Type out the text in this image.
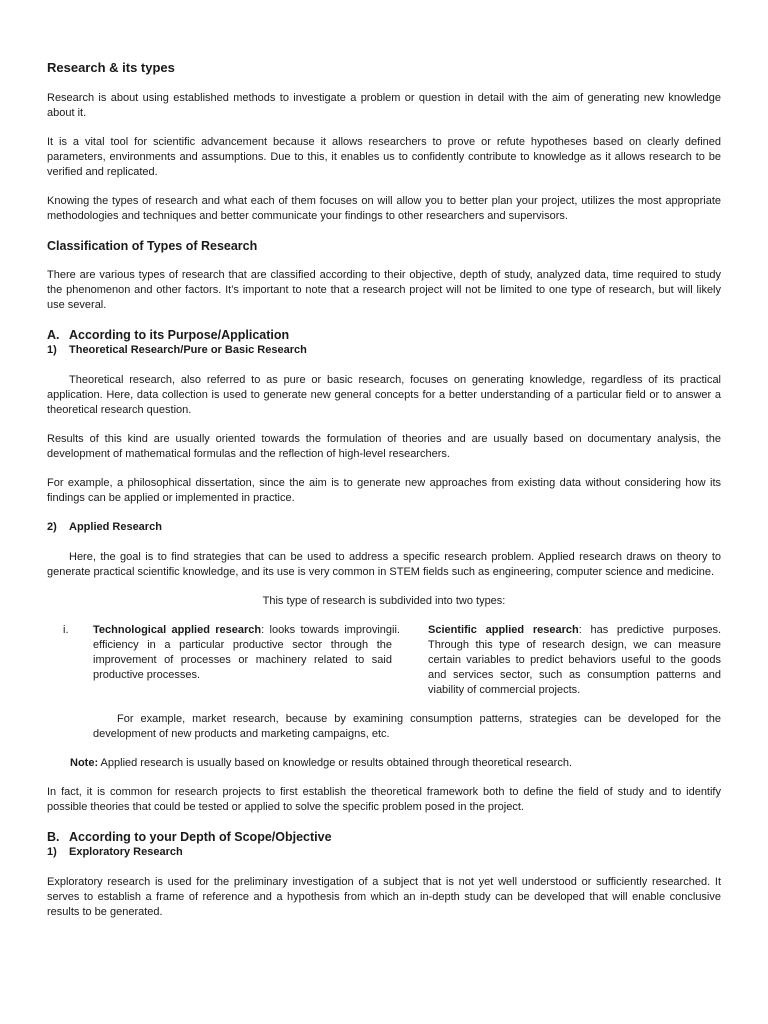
Research & its types

Research is about using established methods to investigate a problem or question in detail with the aim of generating new knowledge about it.

It is a vital tool for scientific advancement because it allows researchers to prove or refute hypotheses based on clearly defined parameters, environments and assumptions. Due to this, it enables us to confidently contribute to knowledge as it allows research to be verified and replicated.

Knowing the types of research and what each of them focuses on will allow you to better plan your project, utilizes the most appropriate methodologies and techniques and better communicate your findings to other researchers and supervisors.

Classification of Types of Research

There are various types of research that are classified according to their objective, depth of study, analyzed data, time required to study the phenomenon and other factors. It’s important to note that a research project will not be limited to one type of research, but will likely use several.

A. According to its Purpose/Application
1)	Theoretical Research/Pure or Basic Research

Theoretical research, also referred to as pure or basic research, focuses on generating knowledge, regardless of its practical application. Here, data collection is used to generate new general concepts for a better understanding of a particular field or to answer a theoretical research question.

Results of this kind are usually oriented towards the formulation of theories and are usually based on documentary analysis, the development of mathematical formulas and the reflection of high-level researchers.

For example, a philosophical dissertation, since the aim is to generate new approaches from existing data without considering how its findings can be applied or implemented in practice.

2)	Applied Research

Here, the goal is to find strategies that can be used to address a specific research problem. Applied research draws on theory to generate practical scientific knowledge, and its use is very common in STEM fields such as engineering, computer science and medicine.

This type of research is subdivided into two types:

i.	Technological applied research: looks towards improving efficiency in a particular productive sector through the improvement of processes or machinery related to said productive processes.

ii.	Scientific applied research: has predictive purposes. Through this type of research design, we can measure certain variables to predict behaviors useful to the goods and services sector, such as consumption patterns and viability of commercial projects.

For example, market research, because by examining consumption patterns, strategies can be developed for the development of new products and marketing campaigns, etc.

Note: Applied research is usually based on knowledge or results obtained through theoretical research.

In fact, it is common for research projects to first establish the theoretical framework both to define the field of study and to identify possible theories that could be tested or applied to solve the specific problem posed in the project.

B. According to your Depth of Scope/Objective
1)	Exploratory Research

Exploratory research is used for the preliminary investigation of a subject that is not yet well understood or sufficiently researched. It serves to establish a frame of reference and a hypothesis from which an in-depth study can be developed that will enable conclusive results to be generated.
